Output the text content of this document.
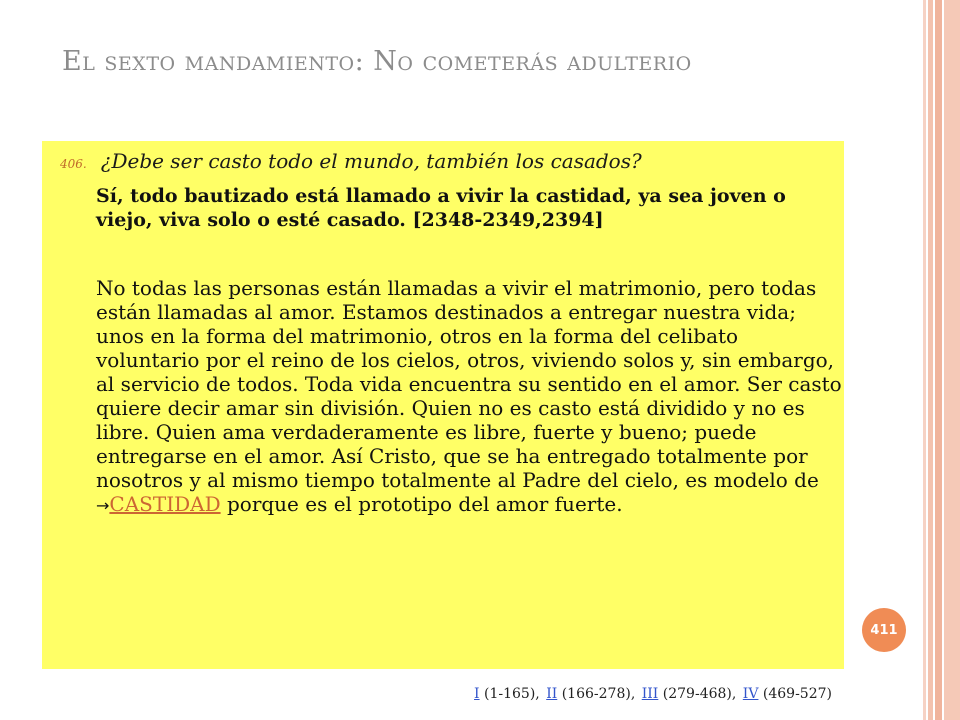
El sexto mandamiento: No cometerás adulterio
406. ¿Debe ser casto todo el mundo, también los casados?

Sí, todo bautizado está llamado a vivir la castidad, ya sea joven o viejo, viva solo o esté casado. [2348-2349,2394]

No todas las personas están llamadas a vivir el matrimonio, pero todas están llamadas al amor. Estamos destinados a entregar nuestra vida; unos en la forma del matrimonio, otros en la forma del celibato voluntario por el reino de los cielos, otros, viviendo solos y, sin embargo, al servicio de todos. Toda vida encuentra su sentido en el amor. Ser casto quiere decir amar sin división. Quien no es casto está dividido y no es libre. Quien ama verdaderamente es libre, fuerte y bueno; puede entregarse en el amor. Así Cristo, que se ha entregado totalmente por nosotros y al mismo tiempo totalmente al Padre del cielo, es modelo de →CASTIDAD porque es el prototipo del amor fuerte.

411
I (1-165), II (166-278), III (279-468), IV (469-527)
